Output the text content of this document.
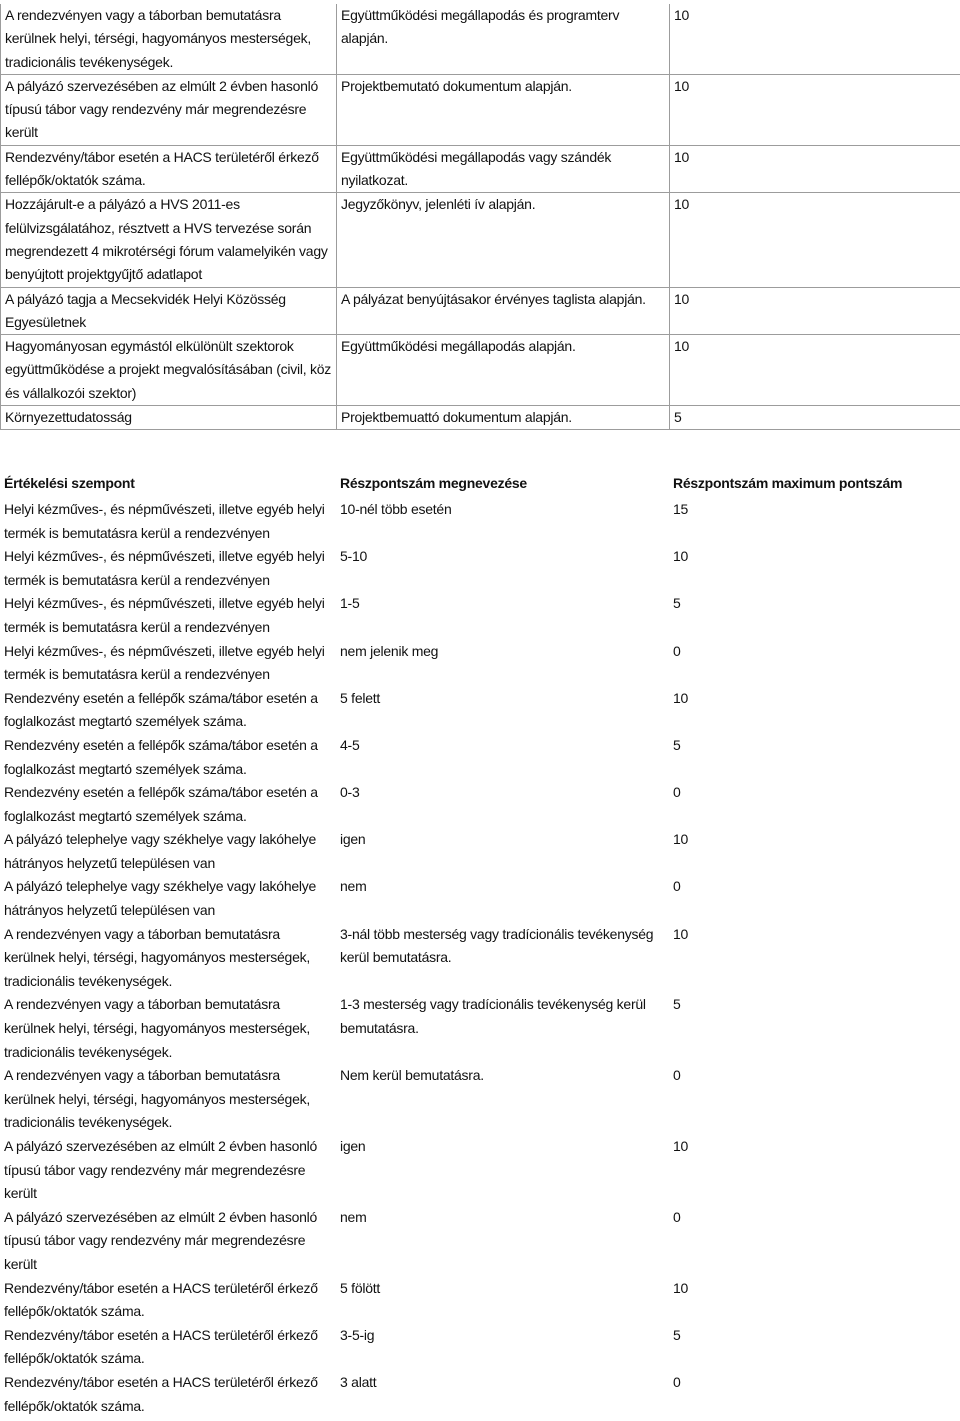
A rendezvényen vagy a táborban bemutatásra
kerülnek helyi, térségi, hagyományos mesterségek,
tradicionális tevékenységek.	Együttműködési megállapodás és programterv
alapján.	10
A pályázó szervezésében az elmúlt 2 évben hasonló
típusú tábor vagy rendezvény már megrendezésre
került	Projektbemutató dokumentum alapján.	10
Rendezvény/tábor esetén a HACS területéről érkező
fellépők/oktatók száma.	Együttműködési megállapodás vagy szándék
nyilatkozat.	10
Hozzájárult-e a pályázó a HVS 2011-es
felülvizsgálatához, résztvett a HVS tervezése során
megrendezett 4 mikrotérségi fórum valamelyikén vagy
benyújtott projektgyűjtő adatlapot	Jegyzőkönyv, jelenléti ív alapján.	10
A pályázó tagja a Mecsekvidék Helyi Közösség
Egyesületnek	A pályázat benyújtásakor érvényes taglista alapján.	10
Hagyományosan egymástól elkülönült szektorok
együttműködése a projekt megvalósításában (civil, köz
és vállalkozói szektor)	Együttműködési megállapodás alapján.	10
Környezettudatosság	Projektbemuattó dokumentum alapján.	5
Értékelési szempont	Részpontszám megnevezése	Részpontszám maximum pontszám
Helyi kézműves-, és népművészeti, illetve egyéb helyi
termék is bemutatásra kerül a rendezvényen	10-nél több esetén	15
Helyi kézműves-, és népművészeti, illetve egyéb helyi
termék is bemutatásra kerül a rendezvényen	5-10	10
Helyi kézműves-, és népművészeti, illetve egyéb helyi
termék is bemutatásra kerül a rendezvényen	1-5	5
Helyi kézműves-, és népművészeti, illetve egyéb helyi
termék is bemutatásra kerül a rendezvényen	nem jelenik meg	0
Rendezvény esetén a fellépők száma/tábor esetén a
foglalkozást megtartó személyek száma.	5 felett	10
Rendezvény esetén a fellépők száma/tábor esetén a
foglalkozást megtartó személyek száma.	4-5	5
Rendezvény esetén a fellépők száma/tábor esetén a
foglalkozást megtartó személyek száma.	0-3	0
A pályázó telephelye vagy székhelye vagy lakóhelye
hátrányos helyzetű településen van	igen	10
A pályázó telephelye vagy székhelye vagy lakóhelye
hátrányos helyzetű településen van	nem	0
A rendezvényen vagy a táborban bemutatásra
kerülnek helyi, térségi, hagyományos mesterségek,
tradicionális tevékenységek.	3-nál több mesterség vagy tradícionális tevékenység
kerül bemutatásra.	10
A rendezvényen vagy a táborban bemutatásra
kerülnek helyi, térségi, hagyományos mesterségek,
tradicionális tevékenységek.	1-3 mesterség vagy tradícionális tevékenység kerül
bemutatásra.	5
A rendezvényen vagy a táborban bemutatásra
kerülnek helyi, térségi, hagyományos mesterségek,
tradicionális tevékenységek.	Nem kerül bemutatásra.	0
A pályázó szervezésében az elmúlt 2 évben hasonló
típusú tábor vagy rendezvény már megrendezésre
került	igen	10
A pályázó szervezésében az elmúlt 2 évben hasonló
típusú tábor vagy rendezvény már megrendezésre
került	nem	0
Rendezvény/tábor esetén a HACS területéről érkező
fellépők/oktatók száma.	5 fölött	10
Rendezvény/tábor esetén a HACS területéről érkező
fellépők/oktatók száma.	3-5-ig	5
Rendezvény/tábor esetén a HACS területéről érkező
fellépők/oktatók száma.	3 alatt	0
